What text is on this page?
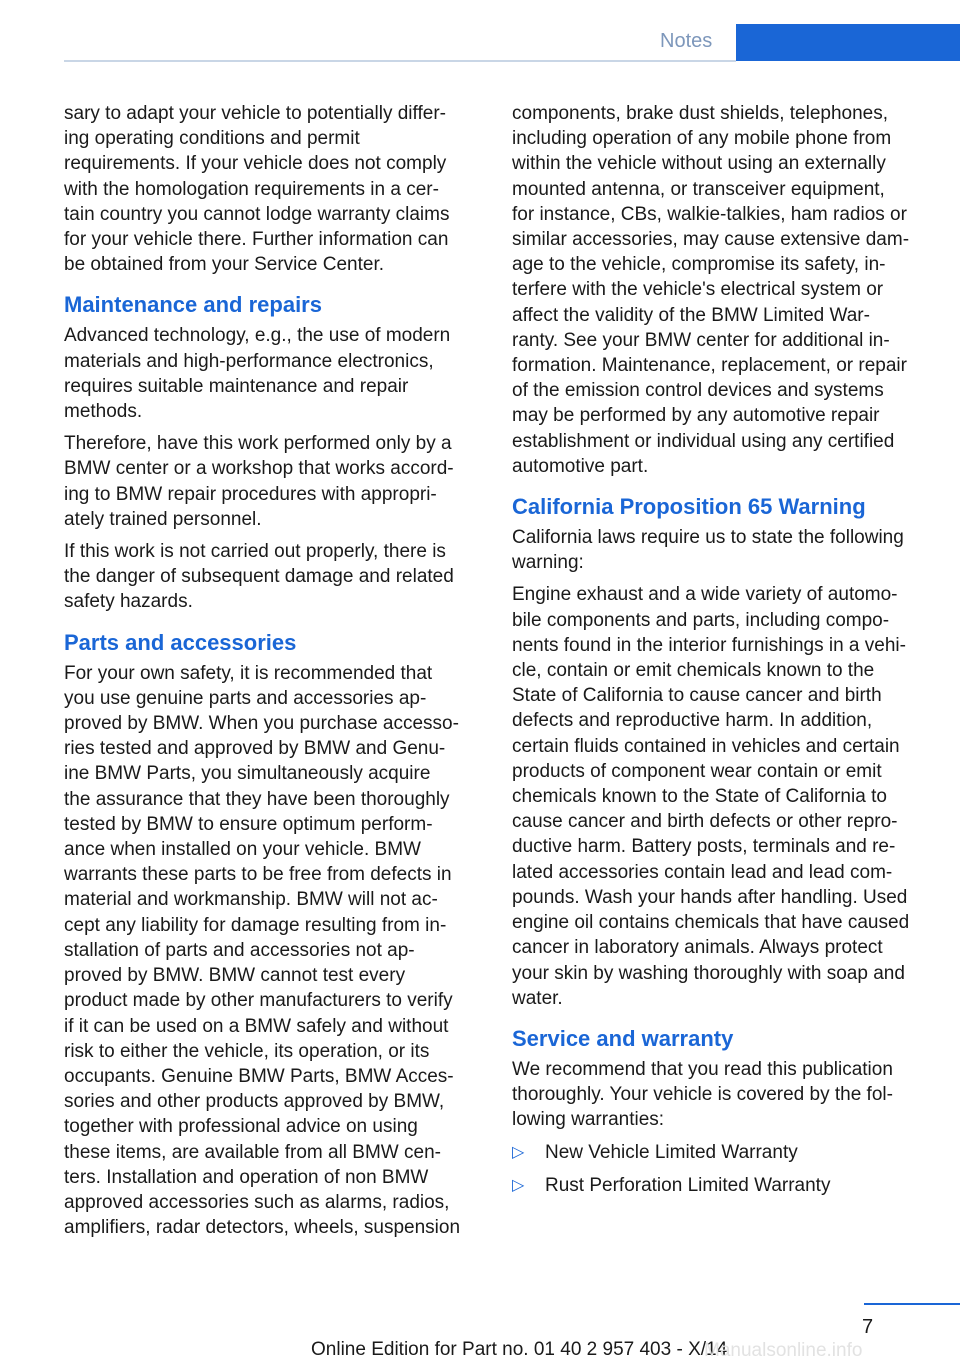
Notes

sary to adapt your vehicle to potentially differ-
ing operating conditions and permit
requirements. If your vehicle does not comply
with the homologation requirements in a cer-
tain country you cannot lodge warranty claims
for your vehicle there. Further information can
be obtained from your Service Center.

Maintenance and repairs

Advanced technology, e.g., the use of modern
materials and high-performance electronics,
requires suitable maintenance and repair
methods.

Therefore, have this work performed only by a
BMW center or a workshop that works accord-
ing to BMW repair procedures with appropri-
ately trained personnel.

If this work is not carried out properly, there is
the danger of subsequent damage and related
safety hazards.

Parts and accessories

For your own safety, it is recommended that
you use genuine parts and accessories ap-
proved by BMW. When you purchase accesso-
ries tested and approved by BMW and Genu-
ine BMW Parts, you simultaneously acquire
the assurance that they have been thoroughly
tested by BMW to ensure optimum perform-
ance when installed on your vehicle. BMW
warrants these parts to be free from defects in
material and workmanship. BMW will not ac-
cept any liability for damage resulting from in-
stallation of parts and accessories not ap-
proved by BMW. BMW cannot test every
product made by other manufacturers to verify
if it can be used on a BMW safely and without
risk to either the vehicle, its operation, or its
occupants. Genuine BMW Parts, BMW Acces-
sories and other products approved by BMW,
together with professional advice on using
these items, are available from all BMW cen-
ters. Installation and operation of non BMW
approved accessories such as alarms, radios,
amplifiers, radar detectors, wheels, suspension

components, brake dust shields, telephones,
including operation of any mobile phone from
within the vehicle without using an externally
mounted antenna, or transceiver equipment,
for instance, CBs, walkie-talkies, ham radios or
similar accessories, may cause extensive dam-
age to the vehicle, compromise its safety, in-
terfere with the vehicle's electrical system or
affect the validity of the BMW Limited War-
ranty. See your BMW center for additional in-
formation. Maintenance, replacement, or repair
of the emission control devices and systems
may be performed by any automotive repair
establishment or individual using any certified
automotive part.

California Proposition 65 Warning

California laws require us to state the following
warning:

Engine exhaust and a wide variety of automo-
bile components and parts, including compo-
nents found in the interior furnishings in a vehi-
cle, contain or emit chemicals known to the
State of California to cause cancer and birth
defects and reproductive harm. In addition,
certain fluids contained in vehicles and certain
products of component wear contain or emit
chemicals known to the State of California to
cause cancer and birth defects or other repro-
ductive harm. Battery posts, terminals and re-
lated accessories contain lead and lead com-
pounds. Wash your hands after handling. Used
engine oil contains chemicals that have caused
cancer in laboratory animals. Always protect
your skin by washing thoroughly with soap and
water.

Service and warranty

We recommend that you read this publication
thoroughly. Your vehicle is covered by the fol-
lowing warranties:

▷ New Vehicle Limited Warranty
▷ Rust Perforation Limited Warranty
7
Online Edition for Part no. 01 40 2 957 403 - X/14
Manualsonline.info
